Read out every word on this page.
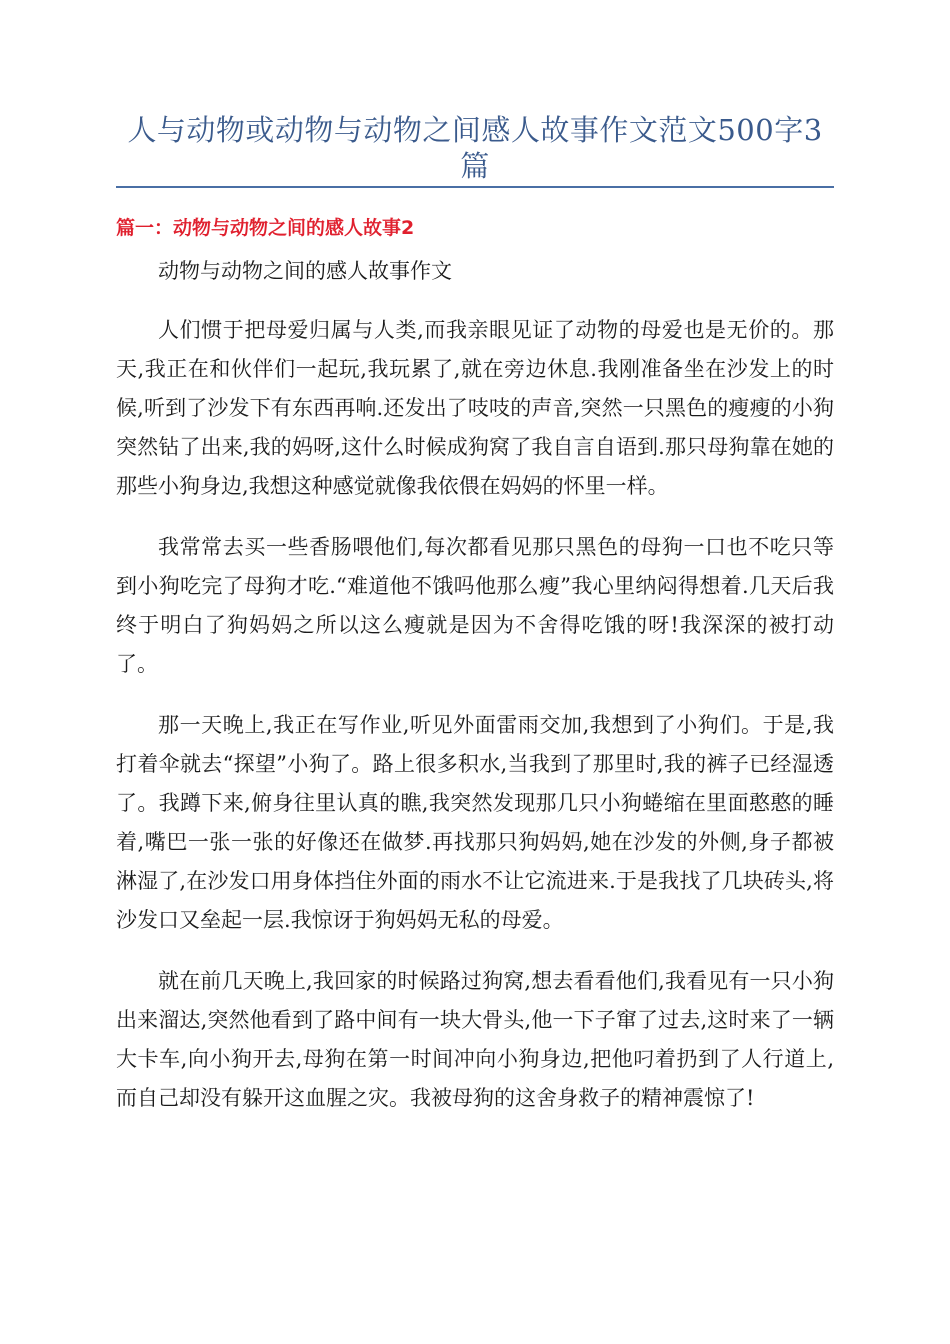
人与动物或动物与动物之间感人故事作文范文500字3篇
篇一：动物与动物之间的感人故事2

动物与动物之间的感人故事作文

人们惯于把母爱归属与人类,而我亲眼见证了动物的母爱也是无价的。那天,我正在和伙伴们一起玩,我玩累了,就在旁边休息.我刚准备坐在沙发上的时候,听到了沙发下有东西再响.还发出了吱吱的声音,突然一只黑色的瘦瘦的小狗突然钻了出来,我的妈呀,这什么时候成狗窝了我自言自语到.那只母狗靠在她的那些小狗身边,我想这种感觉就像我依偎在妈妈的怀里一样。

我常常去买一些香肠喂他们,每次都看见那只黑色的母狗一口也不吃只等到小狗吃完了母狗才吃.“难道他不饿吗他那么瘦”我心里纳闷得想着.几天后我终于明白了狗妈妈之所以这么瘦就是因为不舍得吃饿的呀!我深深的被打动了。

那一天晚上,我正在写作业,听见外面雷雨交加,我想到了小狗们。于是,我打着伞就去“探望”小狗了。路上很多积水,当我到了那里时,我的裤子已经湿透了。我蹲下来,俯身往里认真的瞧,我突然发现那几只小狗蜷缩在里面憨憨的睡着,嘴巴一张一张的好像还在做梦.再找那只狗妈妈,她在沙发的外侧,身子都被淋湿了,在沙发口用身体挡住外面的雨水不让它流进来.于是我找了几块砖头,将沙发口又垒起一层.我惊讶于狗妈妈无私的母爱。

就在前几天晚上,我回家的时候路过狗窝,想去看看他们,我看见有一只小狗出来溜达,突然他看到了路中间有一块大骨头,他一下子窜了过去,这时来了一辆大卡车,向小狗开去,母狗在第一时间冲向小狗身边,把他叼着扔到了人行道上,而自己却没有躲开这血腥之灾。我被母狗的这舍身救子的精神震惊了!
